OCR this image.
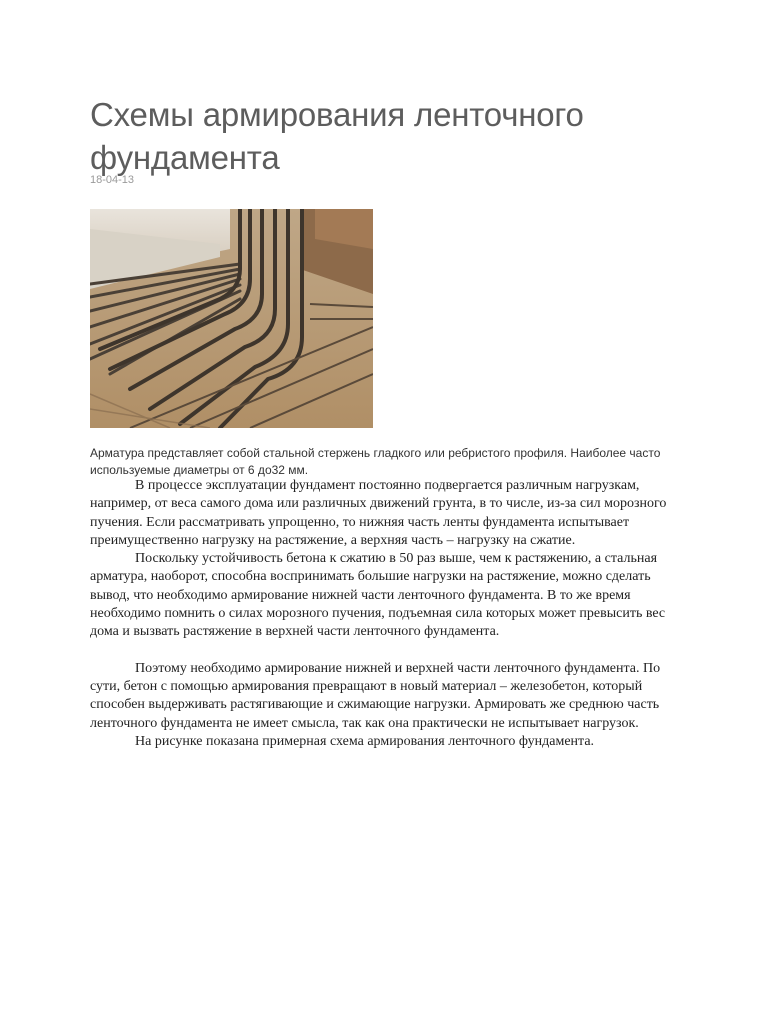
Схемы армирования ленточного фундамента
18-04-13

Арматура представляет собой стальной стержень гладкого или ребристого профиля. Наиболее часто используемые диаметры от 6 до32 мм.

В процессе эксплуатации фундамент постоянно подвергается различным нагрузкам, например, от веса самого дома или различных движений грунта, в то числе, из-за сил морозного пучения. Если рассматривать упрощенно, то нижняя часть ленты фундамента испытывает преимущественно нагрузку на растяжение, а верхняя часть – нагрузку на сжатие.

Поскольку устойчивость бетона к сжатию в 50 раз выше, чем к растяжению, а стальная арматура, наоборот, способна воспринимать большие нагрузки на растяжение, можно сделать вывод, что необходимо армирование нижней части ленточного фундамента. В то же время необходимо помнить о силах морозного пучения, подъемная сила которых может превысить вес дома и вызвать растяжение в верхней части ленточного фундамента.

Поэтому необходимо армирование нижней и верхней части ленточного фундамента. По сути, бетон с помощью армирования превращают в новый материал – железобетон, который способен выдерживать растягивающие и сжимающие нагрузки. Армировать же среднюю часть ленточного фундамента не имеет смысла, так как она практически не испытывает нагрузок.

На рисунке показана примерная схема армирования ленточного фундамента.
